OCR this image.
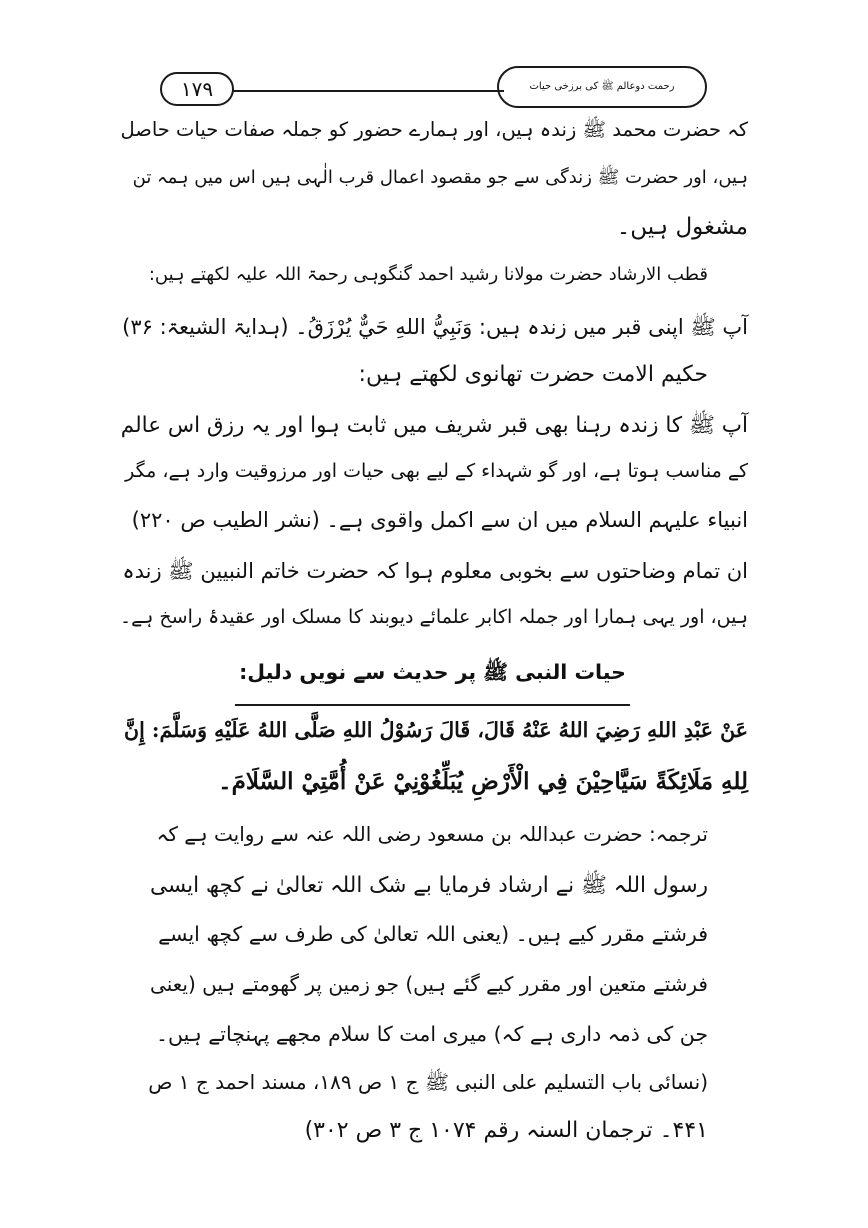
رحمت دوعالم ﷺ کی برزخی حیات
۱۷۹
کہ حضرت محمد ﷺ زندہ ہیں، اور ہمارے حضور کو جملہ صفات حیات حاصل
ہیں، اور حضرت ﷺ زندگی سے جو مقصود اعمال قرب الٰہی ہیں اس میں ہمہ تن
مشغول ہیں۔
قطب الارشاد حضرت مولانا رشید احمد گنگوہی رحمۃ اللہ علیہ لکھتے ہیں:
آپ ﷺ اپنی قبر میں زندہ ہیں: وَنَبِيُّ اللهِ حَيٌّ يُرْزَقُ۔ (ہدایۃ الشیعۃ: ۳۶)
حکیم الامت حضرت تھانوی لکھتے ہیں:
آپ ﷺ کا زندہ رہنا بھی قبر شریف میں ثابت ہوا اور یہ رزق اس عالم
کے مناسب ہوتا ہے، اور گو شہداء کے لیے بھی حیات اور مرزوقیت وارد ہے، مگر
انبیاء علیہم السلام میں ان سے اکمل واقوی ہے۔ (نشر الطیب ص ۲۲۰)
ان تمام وضاحتوں سے بخوبی معلوم ہوا کہ حضرت خاتم النبیین ﷺ زندہ
ہیں، اور یہی ہمارا اور جملہ اکابر علمائے دیوبند کا مسلک اور عقیدۂ راسخ ہے۔
حیات النبی ﷺ پر حدیث سے نویں دلیل:
عَنْ عَبْدِ اللهِ رَضِيَ اللهُ عَنْهُ قَالَ، قَالَ رَسُوْلُ اللهِ صَلَّى اللهُ عَلَيْهِ وَسَلَّمَ: إِنَّ
لِلهِ مَلَائِكَةً سَيَّاحِيْنَ فِي الْأَرْضِ يُبَلِّغُوْنِيْ عَنْ أُمَّتِيْ السَّلَامَ۔
ترجمہ: حضرت عبداللہ بن مسعود رضی اللہ عنہ سے روایت ہے کہ
رسول اللہ ﷺ نے ارشاد فرمایا بے شک اللہ تعالیٰ نے کچھ ایسی
فرشتے مقرر کیے ہیں۔ (یعنی اللہ تعالیٰ کی طرف سے کچھ ایسے
فرشتے متعین اور مقرر کیے گئے ہیں) جو زمین پر گھومتے ہیں (یعنی
جن کی ذمہ داری ہے کہ) میری امت کا سلام مجھے پہنچاتے ہیں۔
(نسائی باب التسلیم علی النبی ﷺ ج ۱ ص ۱۸۹، مسند احمد ج ۱ ص
۴۴۱۔ ترجمان السنہ رقم ۱۰۷۴ ج ۳ ص ۳۰۲)
